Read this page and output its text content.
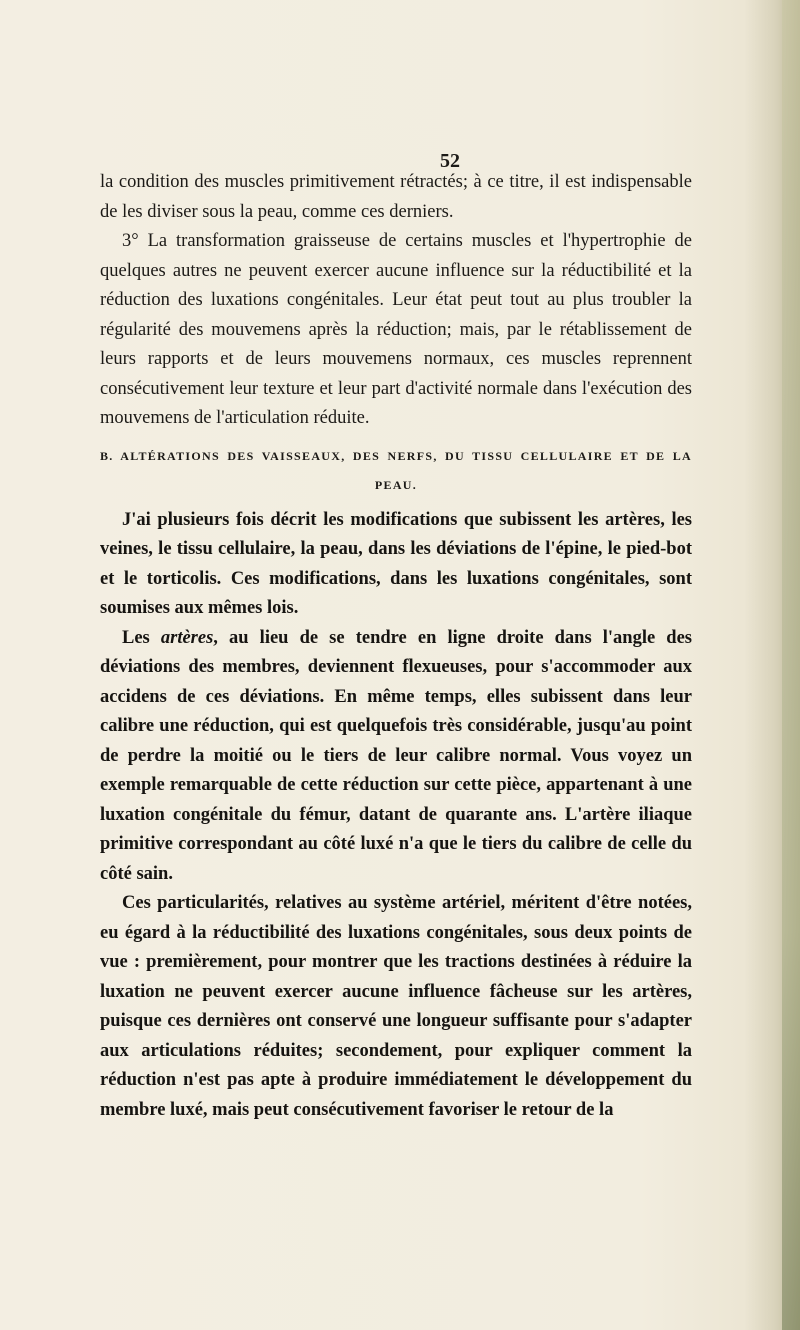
52

la condition des muscles primitivement rétractés; à ce titre, il est indispensable de les diviser sous la peau, comme ces derniers.

3° La transformation graisseuse de certains muscles et l'hypertrophie de quelques autres ne peuvent exercer aucune influence sur la réductibilité et la réduction des luxations congénitales. Leur état peut tout au plus troubler la régularité des mouvemens après la réduction; mais, par le rétablissement de leurs rapports et de leurs mouvemens normaux, ces muscles reprennent consécutivement leur texture et leur part d'activité normale dans l'exécution des mouvemens de l'articulation réduite.

B. ALTÉRATIONS DES VAISSEAUX, DES NERFS, DU TISSU CELLULAIRE ET DE LA
PEAU.

J'ai plusieurs fois décrit les modifications que subissent les artères, les veines, le tissu cellulaire, la peau, dans les déviations de l'épine, le pied-bot et le torticolis. Ces modifications, dans les luxations congénitales, sont soumises aux mêmes lois.

Les artères, au lieu de se tendre en ligne droite dans l'angle des déviations des membres, deviennent flexueuses, pour s'accommoder aux accidens de ces déviations. En même temps, elles subissent dans leur calibre une réduction, qui est quelquefois très considérable, jusqu'au point de perdre la moitié ou le tiers de leur calibre normal. Vous voyez un exemple remarquable de cette réduction sur cette pièce, appartenant à une luxation congénitale du fémur, datant de quarante ans. L'artère iliaque primitive correspondant au côté luxé n'a que le tiers du calibre de celle du côté sain.

Ces particularités, relatives au système artériel, méritent d'être notées, eu égard à la réductibilité des luxations congénitales, sous deux points de vue : premièrement, pour montrer que les tractions destinées à réduire la luxation ne peuvent exercer aucune influence fâcheuse sur les artères, puisque ces dernières ont conservé une longueur suffisante pour s'adapter aux articulations réduites; secondement, pour expliquer comment la réduction n'est pas apte à produire immédiatement le développement du membre luxé, mais peut consécutivement favoriser le retour de la
